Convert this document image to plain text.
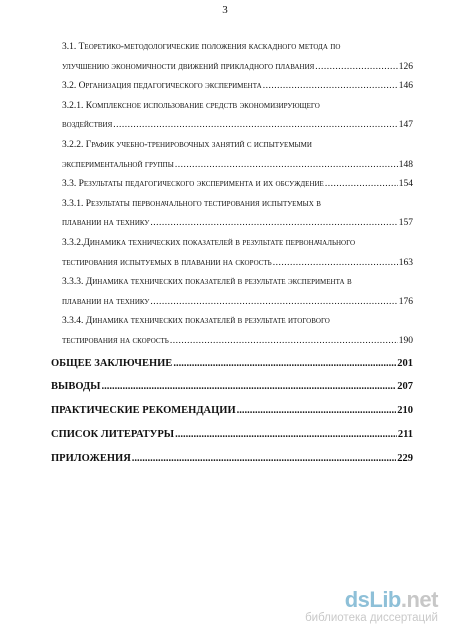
3
3.1. Теоретико-методологические положения каскадного метода по
улучшению экономичности движений прикладного плавания .....	126
3.2. Организация педагогического эксперимента .....	146
3.2.1. Комплексное использование средств экономизирующего
воздействия .....	147
3.2.2. График учебно-тренировочных занятий с испытуемыми
экспериментальной группы .....	148
3.3. Результаты педагогического эксперимента и их обсуждение .....	154
3.3.1. Результаты первоначального тестирования испытуемых в
плавании на технику .....	157
3.3.2.Динамика технических показателей в результате первоначального
тестирования испытуемых в плавании на скорость .....	163
3.3.3. Динамика технических показателей в результате эксперимента в
плавании на технику .....	176
3.3.4. Динамика технических показателей в результате итогового
тестирования на скорость .....	190
ОБЩЕЕ ЗАКЛЮЧЕНИЕ .....	201
ВЫВОДЫ .....	207
ПРАКТИЧЕСКИЕ РЕКОМЕНДАЦИИ .....	210
СПИСОК ЛИТЕРАТУРЫ .....	211
ПРИЛОЖЕНИЯ .....	229
dsLib.net
библиотека диссертаций
